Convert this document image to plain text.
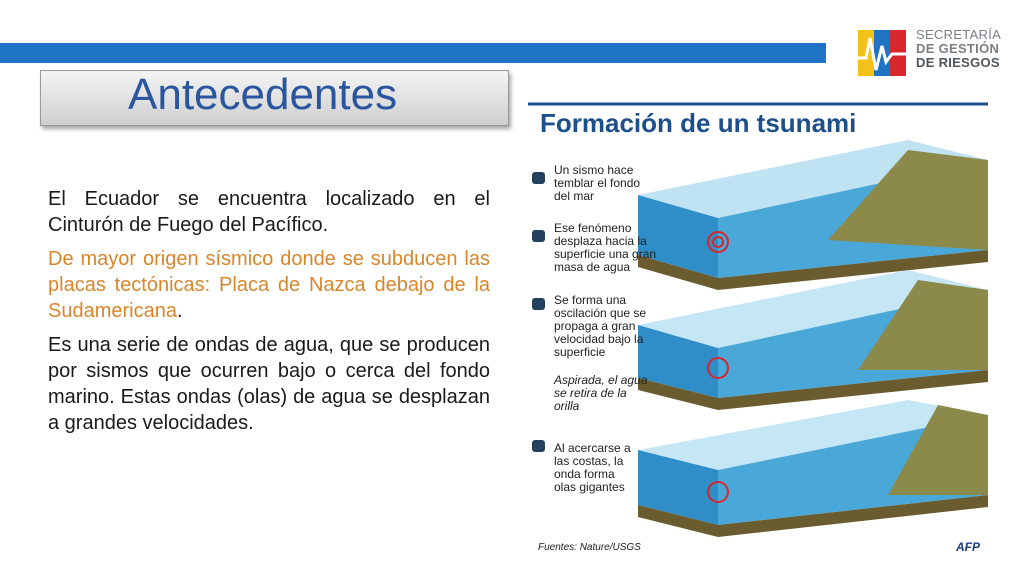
SECRETARÍA
DE GESTIÓN
DE RIESGOS
Antecedentes

El Ecuador se encuentra localizado en el Cinturón de Fuego del Pacífico.

De mayor origen sísmico donde se subducen las placas tectónicas: Placa de Nazca debajo de la Sudamericana.

Es una serie de ondas de agua, que se producen por sismos que ocurren bajo o cerca del fondo marino. Estas ondas (olas) de agua se desplazan a grandes velocidades.

Formación de un tsunami
Un sismo hace temblar el fondo del mar
Ese fenómeno desplaza hacia la superficie una gran masa de agua
Se forma una oscilación que se propaga a gran velocidad bajo la superficie
Aspirada, el agua se retira de la orilla
Al acercarse a las costas, la onda forma olas gigantes
Fuentes: Nature/USGS	AFP
